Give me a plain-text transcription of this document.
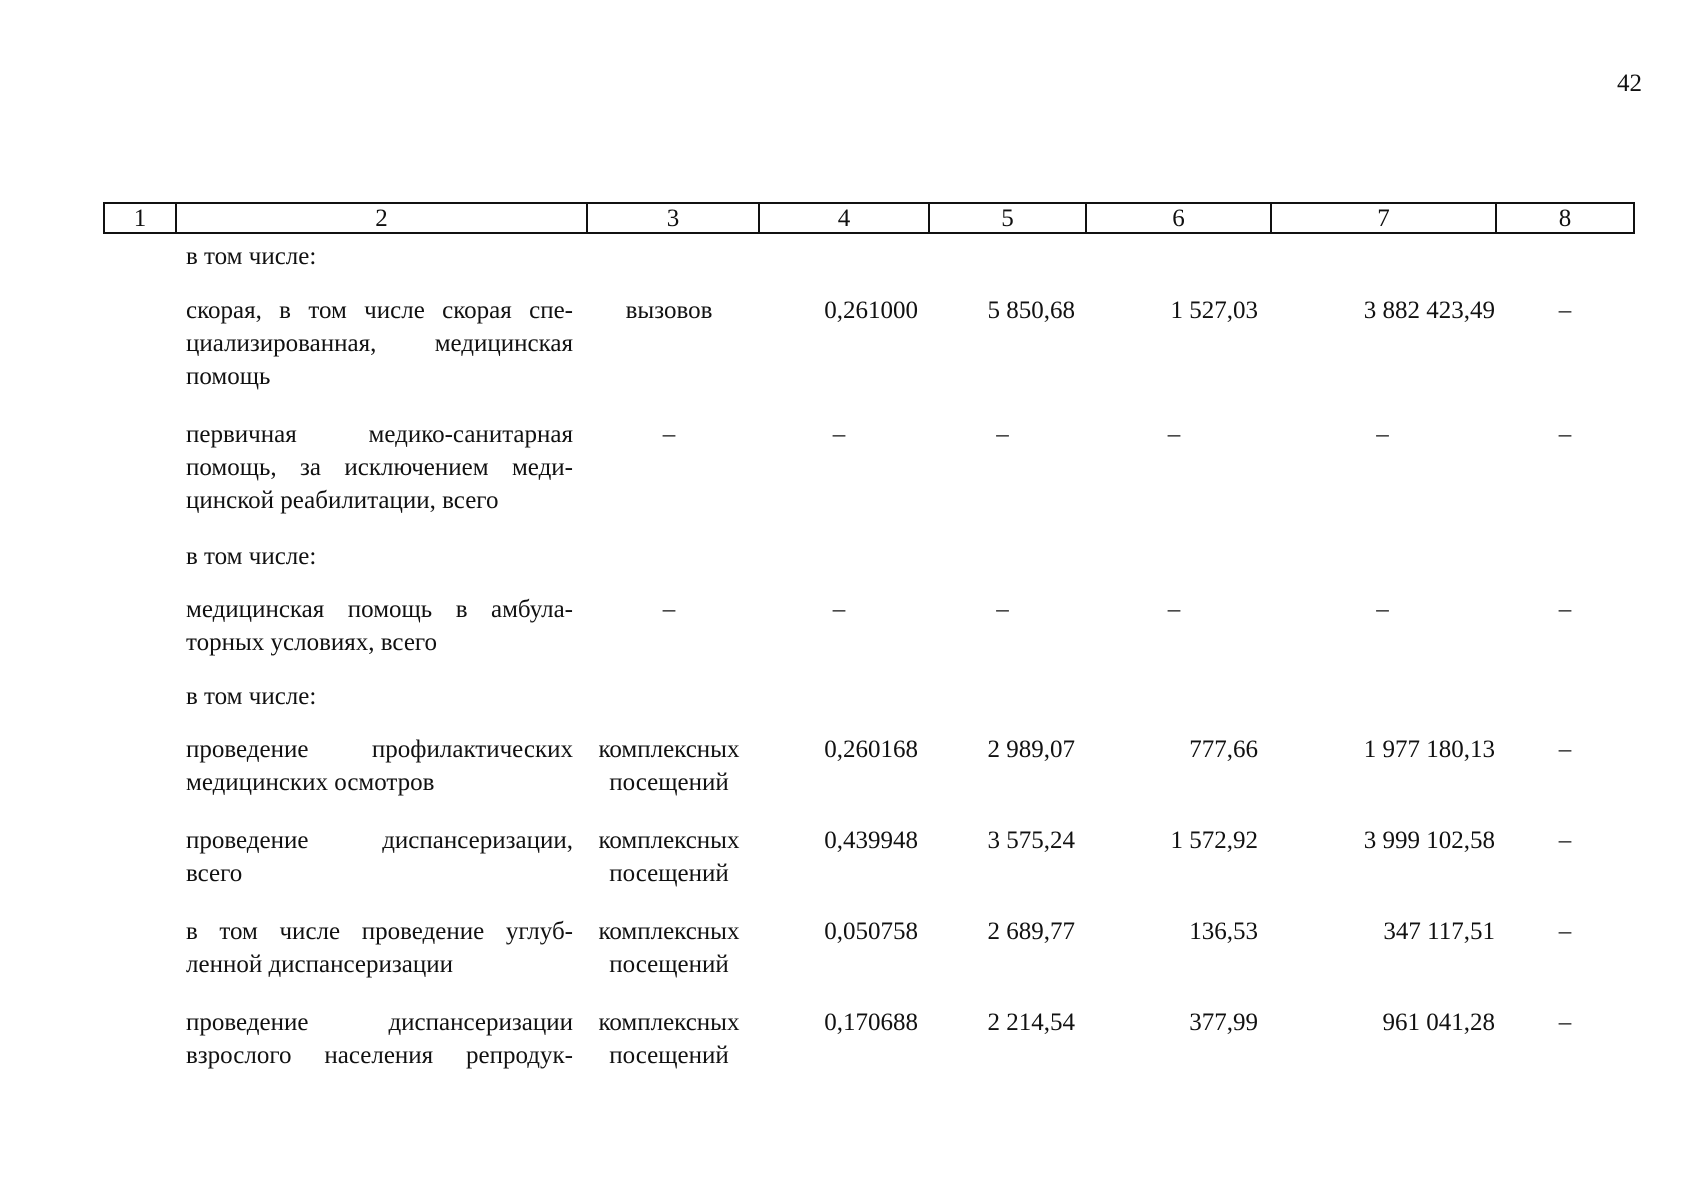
42
1	2	3	4	5	6	7	8
в том числе:
скорая, в том числе скорая спе-
циализированная, медицинская
помощь
вызовов	0,261000	5 850,68	1 527,03	3 882 423,49	–
первичная медико-санитарная
помощь, за исключением меди-
цинской реабилитации, всего
–	–	–	–	–	–
в том числе:
медицинская помощь в амбула-
торных условиях, всего
–	–	–	–	–	–
в том числе:
проведение профилактических
медицинских осмотров
комплексных
посещений
0,260168	2 989,07	777,66	1 977 180,13	–
проведение диспансеризации,
всего
комплексных
посещений
0,439948	3 575,24	1 572,92	3 999 102,58	–
в том числе проведение углуб-
ленной диспансеризации
комплексных
посещений
0,050758	2 689,77	136,53	347 117,51	–
проведение диспансеризации
взрослого населения репродук-
комплексных
посещений
0,170688	2 214,54	377,99	961 041,28	–
